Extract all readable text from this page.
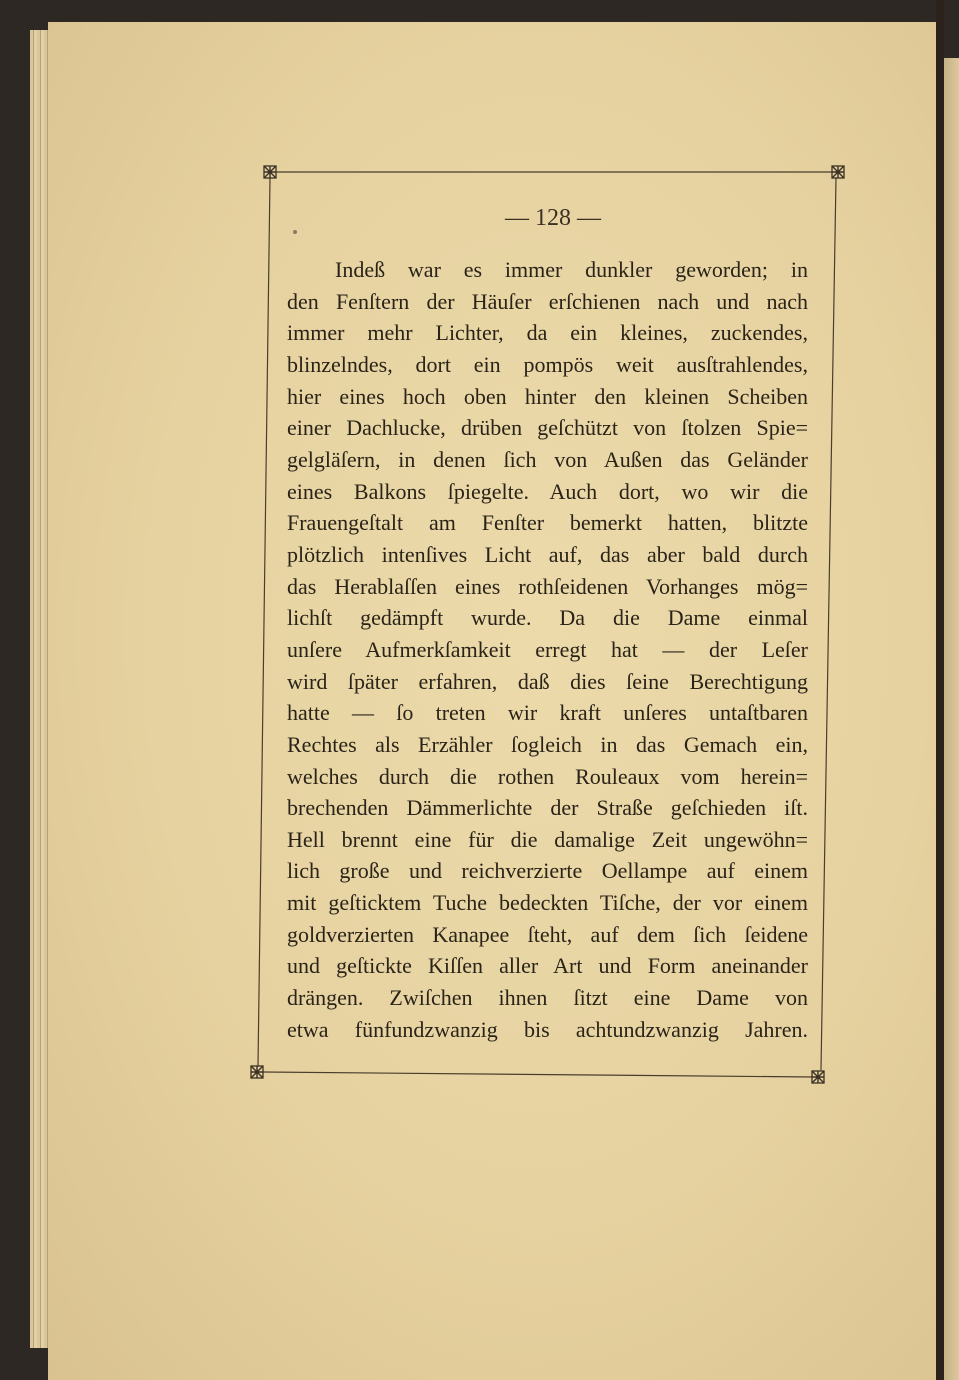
— 128 —
Indeß war es immer dunkler geworden; in
den Fenſtern der Häuſer erſchienen nach und nach
immer mehr Lichter, da ein kleines, zuckendes,
blinzelndes, dort ein pompös weit ausſtrahlendes,
hier eines hoch oben hinter den kleinen Scheiben
einer Dachlucke, drüben geſchützt von ſtolzen Spie=
gelgläſern, in denen ſich von Außen das Geländer
eines Balkons ſpiegelte. Auch dort, wo wir die
Frauengeſtalt am Fenſter bemerkt hatten, blitzte
plötzlich intenſives Licht auf, das aber bald durch
das Herablaſſen eines rothſeidenen Vorhanges mög=
lichſt gedämpft wurde. Da die Dame einmal
unſere Aufmerkſamkeit erregt hat — der Leſer
wird ſpäter erfahren, daß dies ſeine Berechtigung
hatte — ſo treten wir kraft unſeres untaſtbaren
Rechtes als Erzähler ſogleich in das Gemach ein,
welches durch die rothen Rouleaux vom herein=
brechenden Dämmerlichte der Straße geſchieden iſt.
Hell brennt eine für die damalige Zeit ungewöhn=
lich große und reichverzierte Oellampe auf einem
mit geſticktem Tuche bedeckten Tiſche, der vor einem
goldverzierten Kanapee ſteht, auf dem ſich ſeidene
und geſtickte Kiſſen aller Art und Form aneinander
drängen. Zwiſchen ihnen ſitzt eine Dame von
etwa fünfundzwanzig bis achtundzwanzig Jahren.
